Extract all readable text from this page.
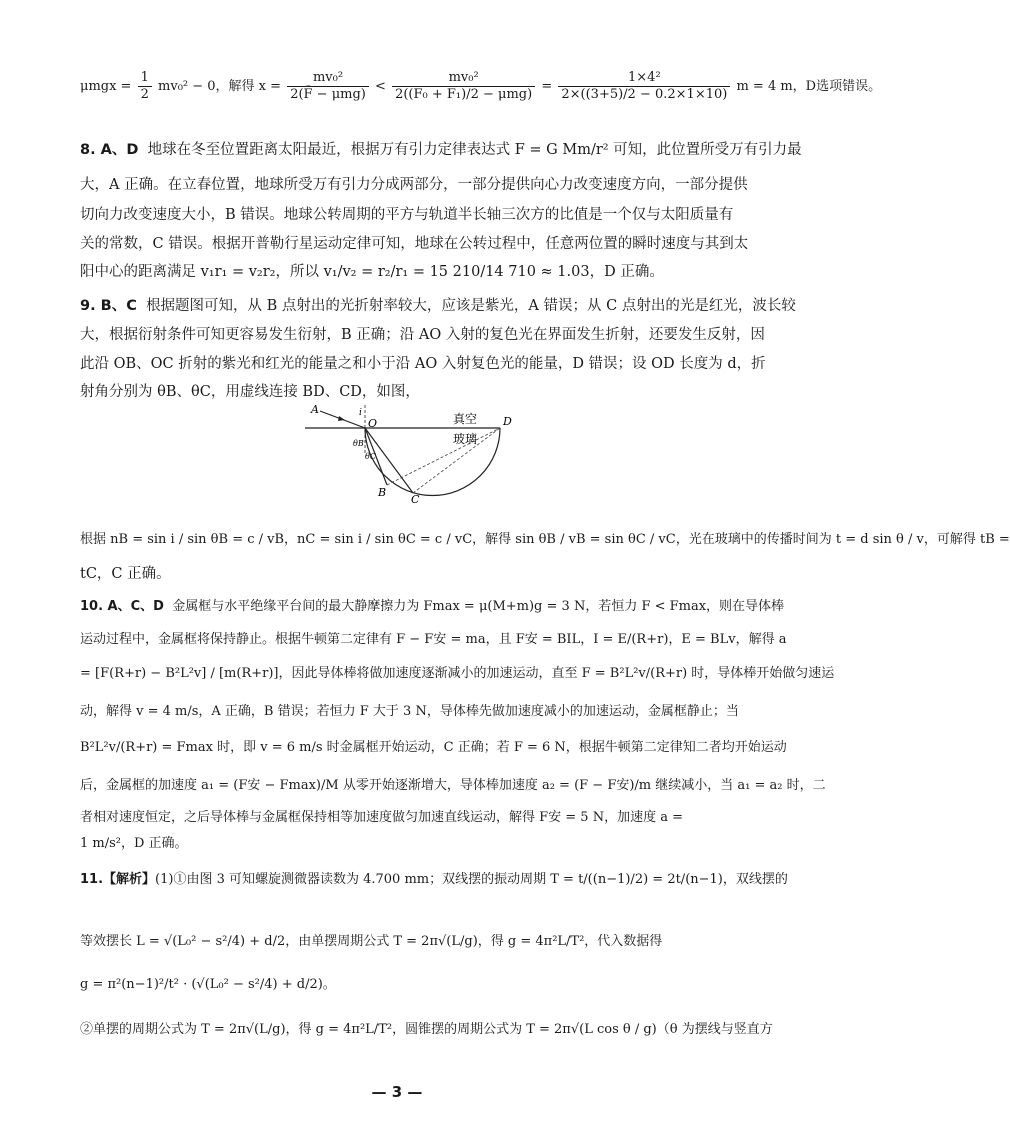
$\mu mgx = \frac{1}{2} mv_0^2 - 0$，解得 $x = \frac{\text{mv₀²}}{\text{2(F̄ − μmg)}} < \frac{\text{mv₀²}}{\text{2((F₀ + F₁)/2 − μmg)}} = \frac{\text{1×4²}}{2\times((3+5)/2 - 0.2\times 1\times 10)}$ m = 4 m，D选项错误。
8. A、D 地球在冬至位置距离太阳最近，根据万有引力定律表达式 F = G Mm/r² 可知，此位置所受万有引力最
大，A 正确。在立春位置，地球所受万有引力分成两部分，一部分提供向心力改变速度方向，一部分提供
切向力改变速度大小，B 错误。地球公转周期的平方与轨道半长轴三次方的比值是一个仅与太阳质量有
关的常数，C 错误。根据开普勒行星运动定律可知，地球在公转过程中，任意两位置的瞬时速度与其到太
阳中心的距离满足 v₁r₁ = v₂r₂，所以 v₁/v₂ = r₂/r₁ = 15 210/14 710 ≈ 1.03，D 正确。
9. B、C 根据题图可知，从 B 点射出的光折射率较大，应该是紫光，A 错误；从 C 点射出的光是红光，波长较
大，根据衍射条件可知更容易发生衍射，B 正确；沿 AO 入射的复色光在界面发生折射，还要发生反射，因
此沿 OB、OC 折射的紫光和红光的能量之和小于沿 AO 入射复色光的能量，D 错误；设 OD 长度为 d，折
射角分别为 θB、θC，用虚线连接 BD、CD，如图，
A
O
i
D
B
C
θB
θC
真空
玻璃
根据 nB = sin i / sin θB = c / vB，nC = sin i / sin θC = c / vC，解得 sin θB / vB = sin θC / vC，光在玻璃中的传播时间为 t = d sin θ / v，可解得 tB =
tC，C 正确。
10. A、C、D 金属框与水平绝缘平台间的最大静摩擦力为 Fmax = μ(M+m)g = 3 N，若恒力 F < Fmax，则在导体棒
运动过程中，金属框将保持静止。根据牛顿第二定律有 F − F安 = ma，且 F安 = BIL，I = E/(R+r)，E = BLv，解得 a
= [F(R+r) − B²L²v] / [m(R+r)]，因此导体棒将做加速度逐渐减小的加速运动，直至 F = B²L²v/(R+r) 时，导体棒开始做匀速运
动，解得 v = 4 m/s，A 正确，B 错误；若恒力 F 大于 3 N，导体棒先做加速度减小的加速运动，金属框静止；当
B²L²v/(R+r) = Fmax 时，即 v = 6 m/s 时金属框开始运动，C 正确；若 F = 6 N，根据牛顿第二定律知二者均开始运动
后，金属框的加速度 a₁ = (F安 − Fmax)/M 从零开始逐渐增大，导体棒加速度 a₂ = (F − F安)/m 继续减小，当 a₁ = a₂ 时，二
者相对速度恒定，之后导体棒与金属框保持相等加速度做匀加速直线运动，解得 F安 = 5 N，加速度 a =
1 m/s²，D 正确。
11.【解析】(1)①由图 3 可知螺旋测微器读数为 4.700 mm；双线摆的振动周期 T = t/((n−1)/2) = 2t/(n−1)，双线摆的
等效摆长 L = √(L₀² − s²/4) + d/2，由单摆周期公式 T = 2π√(L/g)，得 g = 4π²L/T²，代入数据得
g = π²(n−1)²/t² · (√(L₀² − s²/4) + d/2)。
②单摆的周期公式为 T = 2π√(L/g)，得 g = 4π²L/T²，圆锥摆的周期公式为 T = 2π√(L cos θ / g)（θ 为摆线与竖直方
— 3 —
